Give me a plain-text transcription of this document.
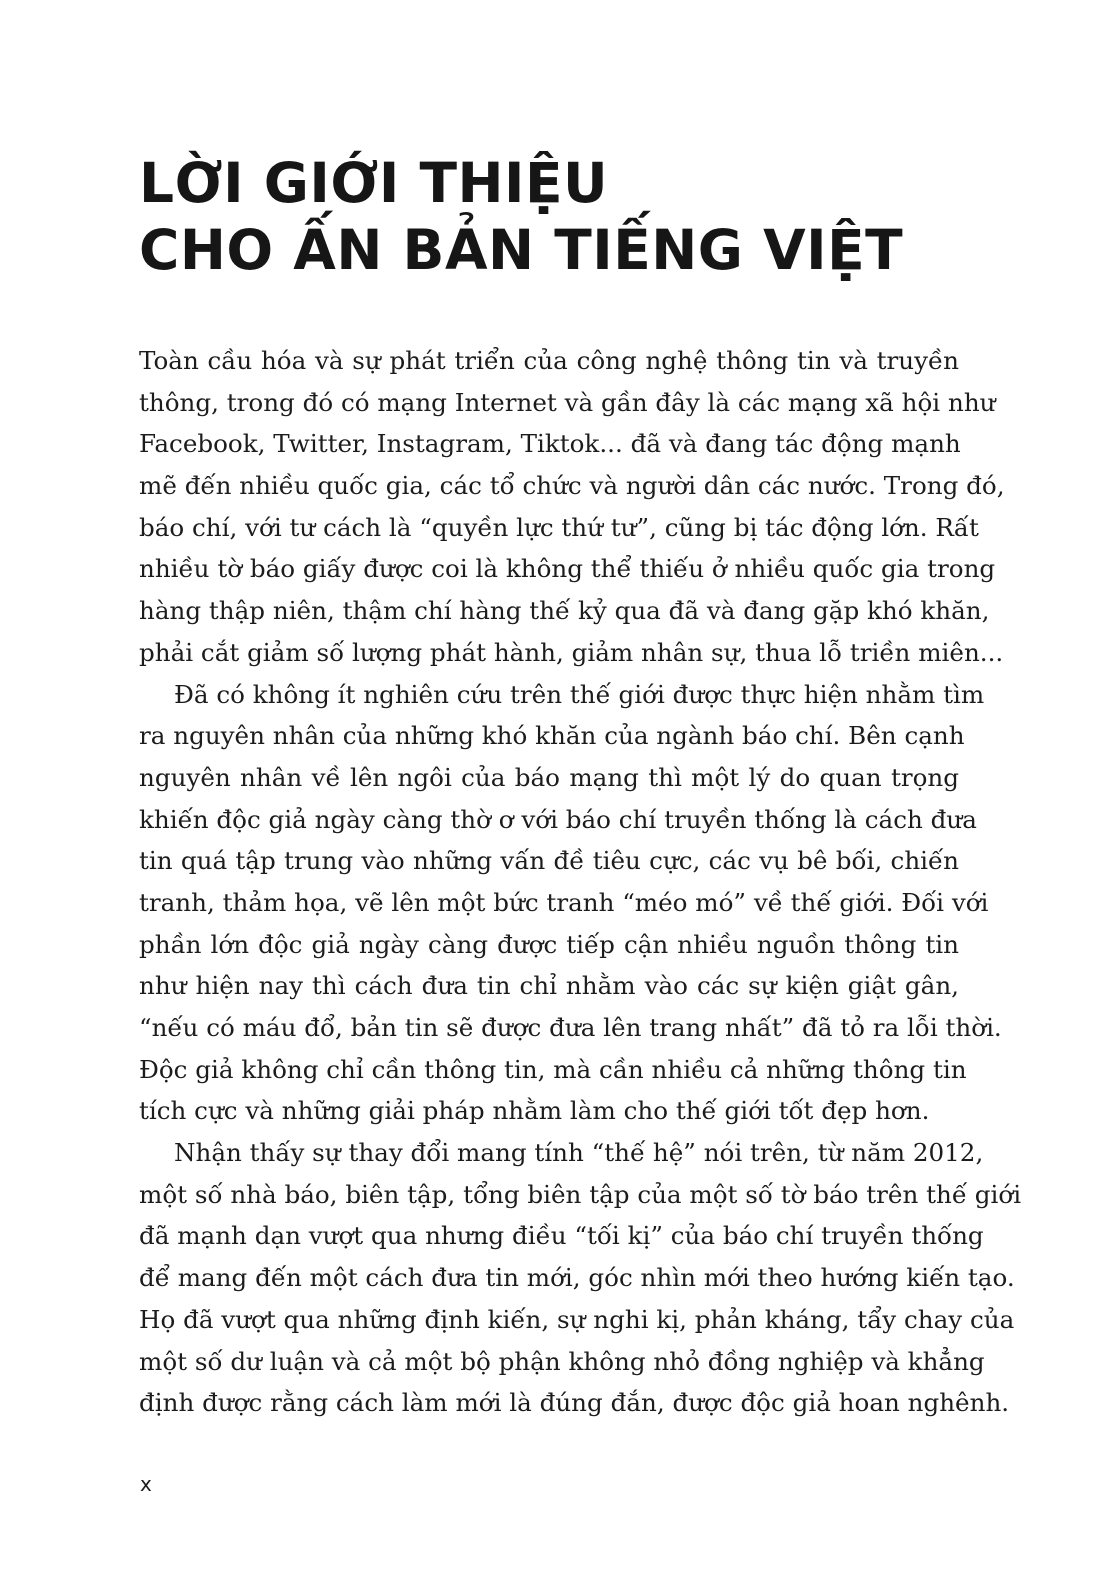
LỜI GIỚI THIỆU
CHO ẤN BẢN TIẾNG VIỆT
Toàn cầu hóa và sự phát triển của công nghệ thông tin và truyền
thông, trong đó có mạng Internet và gần đây là các mạng xã hội như
Facebook, Twitter, Instagram, Tiktok... đã và đang tác động mạnh
mẽ đến nhiều quốc gia, các tổ chức và người dân các nước. Trong đó,
báo chí, với tư cách là “quyền lực thứ tư”, cũng bị tác động lớn. Rất
nhiều tờ báo giấy được coi là không thể thiếu ở nhiều quốc gia trong
hàng thập niên, thậm chí hàng thế kỷ qua đã và đang gặp khó khăn,
phải cắt giảm số lượng phát hành, giảm nhân sự, thua lỗ triền miên...
Đã có không ít nghiên cứu trên thế giới được thực hiện nhằm tìm
ra nguyên nhân của những khó khăn của ngành báo chí. Bên cạnh
nguyên nhân về lên ngôi của báo mạng thì một lý do quan trọng
khiến độc giả ngày càng thờ ơ với báo chí truyền thống là cách đưa
tin quá tập trung vào những vấn đề tiêu cực, các vụ bê bối, chiến
tranh, thảm họa, vẽ lên một bức tranh “méo mó” về thế giới. Đối với
phần lớn độc giả ngày càng được tiếp cận nhiều nguồn thông tin
như hiện nay thì cách đưa tin chỉ nhằm vào các sự kiện giật gân,
“nếu có máu đổ, bản tin sẽ được đưa lên trang nhất” đã tỏ ra lỗi thời.
Độc giả không chỉ cần thông tin, mà cần nhiều cả những thông tin
tích cực và những giải pháp nhằm làm cho thế giới tốt đẹp hơn.
Nhận thấy sự thay đổi mang tính “thế hệ” nói trên, từ năm 2012,
một số nhà báo, biên tập, tổng biên tập của một số tờ báo trên thế giới
đã mạnh dạn vượt qua nhưng điều “tối kị” của báo chí truyền thống
để mang đến một cách đưa tin mới, góc nhìn mới theo hướng kiến tạo.
Họ đã vượt qua những định kiến, sự nghi kị, phản kháng, tẩy chay của
một số dư luận và cả một bộ phận không nhỏ đồng nghiệp và khẳng
định được rằng cách làm mới là đúng đắn, được độc giả hoan nghênh.
x
